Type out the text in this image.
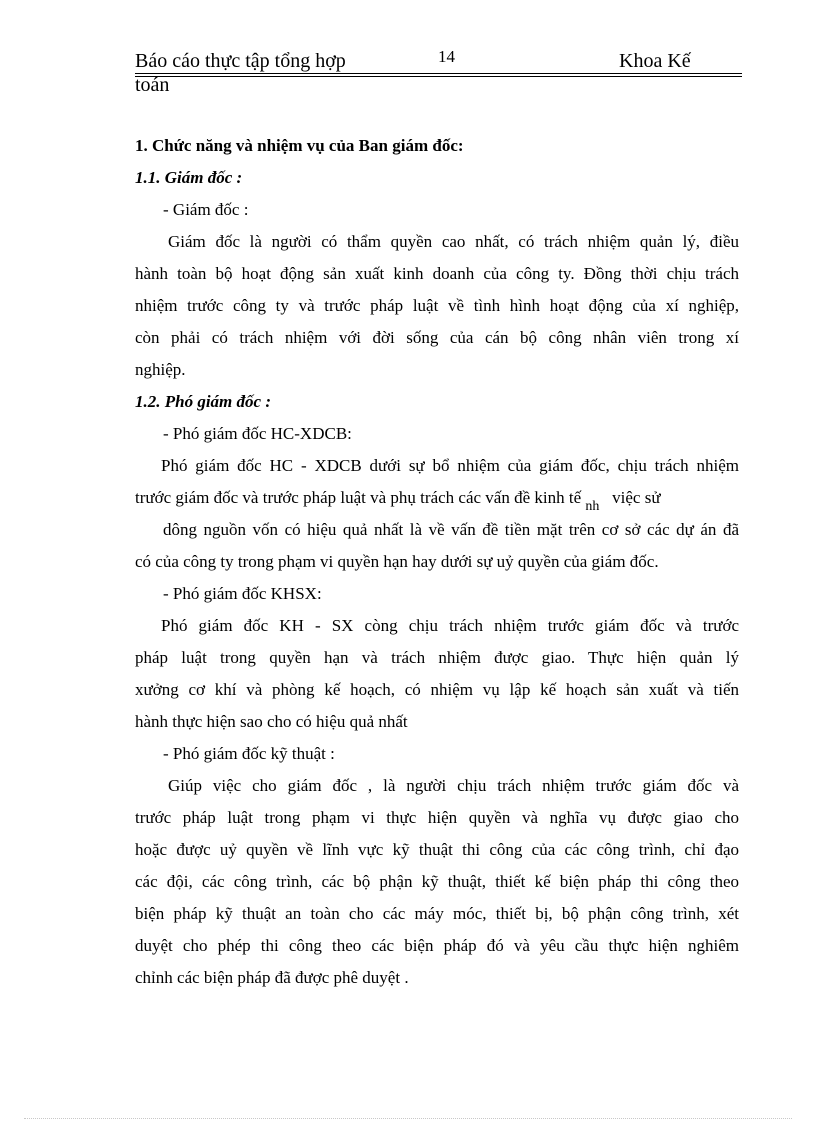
Báo cáo thực tập tổng hợp	14	Khoa Kế
toán
1. Chức năng và nhiệm vụ của Ban giám đốc:
1.1. Giám đốc :
- Giám đốc :
Giám đốc là người có thẩm quyền cao nhất, có trách nhiệm quản lý, điều
hành toàn bộ hoạt động sản xuất kinh doanh của công ty. Đồng thời chịu trách
nhiệm trước công ty và trước pháp luật về tình hình hoạt động của xí nghiệp,
còn phải có trách nhiệm với đời sống của cán bộ công nhân viên trong xí
nghiệp.
1.2. Phó giám đốc :
- Phó giám đốc HC-XDCB:
Phó giám đốc HC - XDCB dưới sự bổ nhiệm của giám đốc, chịu trách nhiệm
trước giám đốc và trước pháp luật và phụ trách các vấn đề kinh tế $_{nh}$ việc sử
dông nguồn vốn có hiệu quả nhất là về vấn đề tiền mặt trên cơ sở các dự án đã
có của công ty trong phạm vi quyền hạn hay dưới sự uỷ quyền của giám đốc.
- Phó giám đốc KHSX:
Phó giám đốc KH - SX còng chịu trách nhiệm trước giám đốc và trước
pháp luật trong quyền hạn và trách nhiệm được giao. Thực hiện quản lý
xưởng cơ khí và phòng kế hoạch, có nhiệm vụ lập kế hoạch sản xuất và tiến
hành thực hiện sao cho có hiệu quả nhất
- Phó giám đốc kỹ thuật :
Giúp việc cho giám đốc , là người chịu trách nhiệm trước giám đốc và
trước pháp luật trong phạm vi thực hiện quyền và nghĩa vụ được giao cho
hoặc được uỷ quyền về lĩnh vực kỹ thuật thi công của các công trình, chỉ đạo
các đội, các công trình, các bộ phận kỹ thuật, thiết kế biện pháp thi công theo
biện pháp kỹ thuật an toàn cho các máy móc, thiết bị, bộ phận công trình, xét
duyệt cho phép thi công theo các biện pháp đó và yêu cầu thực hiện nghiêm
chỉnh các biện pháp đã được phê duyệt .
